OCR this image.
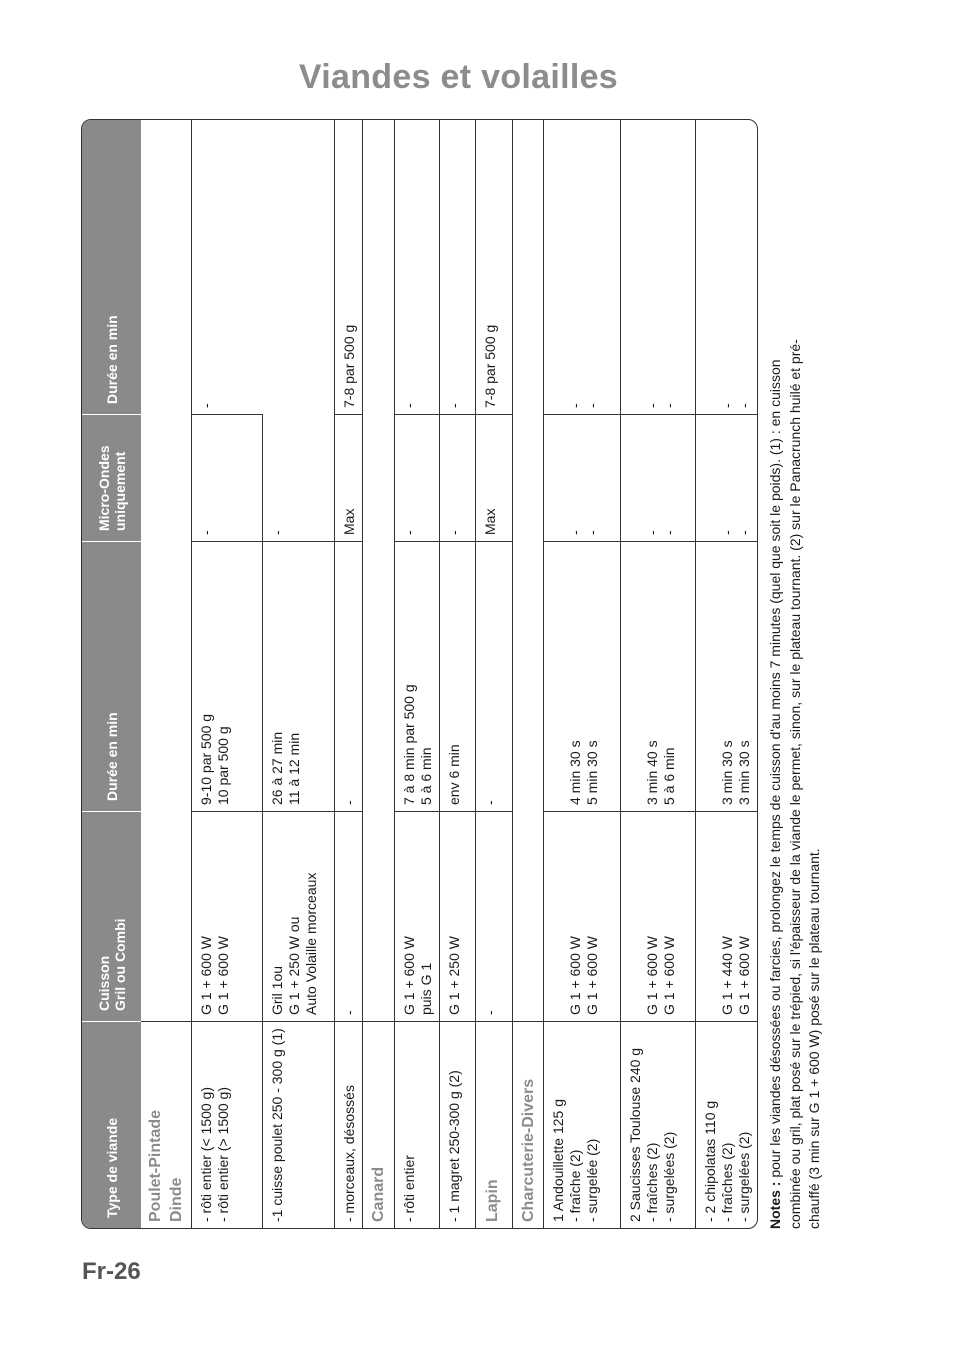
Viandes et volailles
Type de viande	Cuisson Gril ou Combi	Durée en min	Micro-Ondes uniquement	Durée en min

Poulet-Pintade Dinde				

- rôti entier (< 1500 g) - rôti entier (> 1500 g)	G 1 + 600 W G 1 + 600 W	9-10 par 500 g 10 par 500 g	-	-
-1 cuisse poulet 250 - 300 g (1)	Gril 1ou G 1 + 250 W ou Auto Volaille morceaux	26 à 27 min 11 à 12 min	-	
- morceaux, désossés	-	-	Max	7-8 par 500 g
Canard				
- rôti entier	G 1 + 600 W puis G 1	7 à 8 min par 500 g 5 à 6 min	-	-
- 1 magret 250-300 g (2)	G 1 + 250 W	env 6 min	-	-
Lapin	-	-	Max	7-8 par 500 g
Charcuterie-Divers				

1 Andouillette 125 g - fraîche (2) - surgelée (2)	G 1 + 600 W G 1 + 600 W	4 min 30 s 5 min 30 s	- -	- -

2 Saucisses Toulouse 240 g - fraîches (2) - surgelées (2)	G 1 + 600 W G 1 + 600 W	3 min 40 s 5 à 6 min	- -	- -

- 2 chipolatas 110 g - fraîches (2) - surgelées (2)	G 1 + 440 W G 1 + 600 W	3 min 30 s 3 min 30 s	- -	- -
Notes : pour les viandes désossées ou farcies, prolongez le temps de cuisson d'au moins 7 minutes (quel que soit le poids). (1) : en cuisson combinée ou gril, plat posé sur le trépied, si l'épaisseur de la viande le permet, sinon, sur le plateau tournant. (2) sur le Panacrunch huilé et pré- chauffé (3 min sur G 1 + 600 W) posé sur le plateau tournant.
Fr-26
